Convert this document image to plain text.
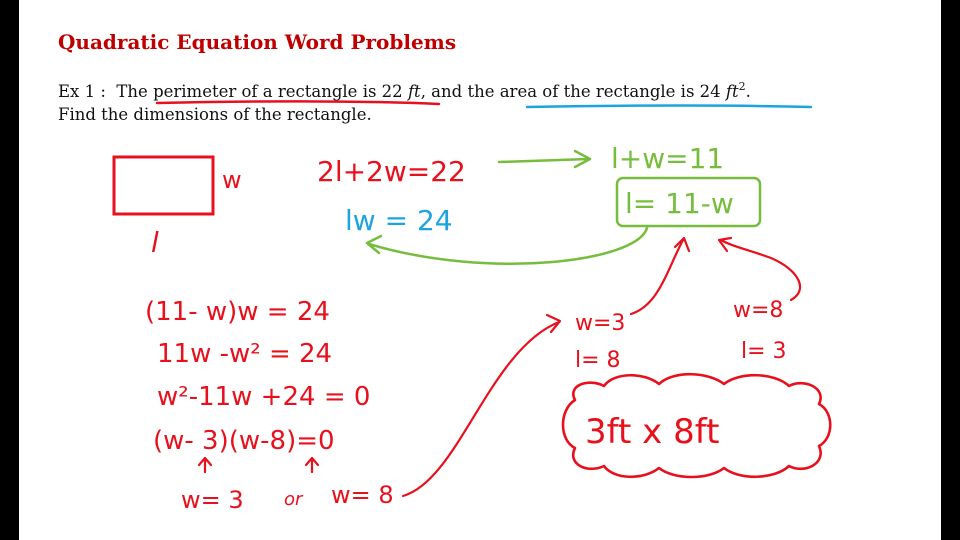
Quadratic Equation Word Problems
Ex 1 : The perimeter of a rectangle is 22 ft, and the area of the rectangle is 24 $ft^2$.
Find the dimensions of the rectangle.
w
l
2l+2w=22	l+w=11
l= 11-w
lw = 24
(11- w)w = 24
11w -w² = 24
w²-11w +24 = 0
(w- 3)(w-8)=0
w= 3 or w= 8
w=3
l= 8
w=8
l= 3
3ft x 8ft
